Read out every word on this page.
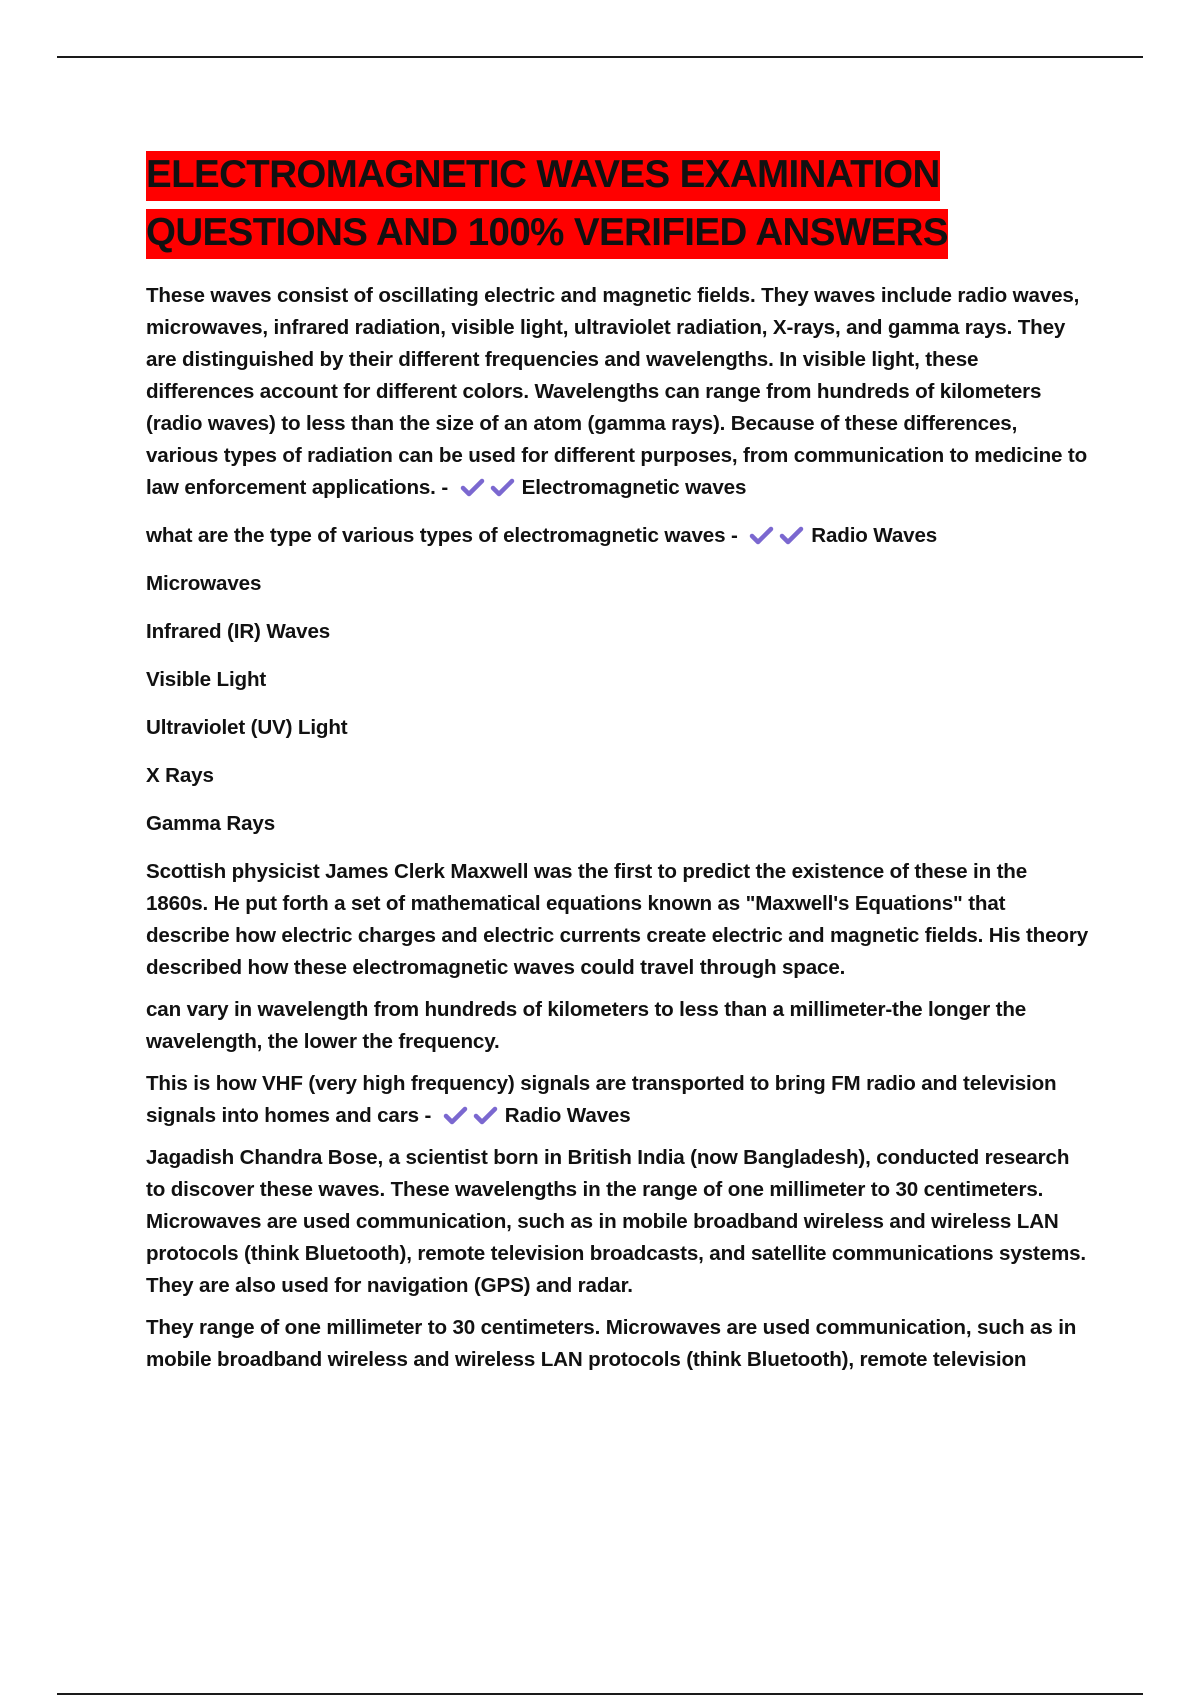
ELECTROMAGNETIC WAVES EXAMINATION
QUESTIONS AND 100% VERIFIED ANSWERS

These waves consist of oscillating electric and magnetic fields. They waves include radio waves, microwaves, infrared radiation, visible light, ultraviolet radiation, X-rays, and gamma rays. They are distinguished by their different frequencies and wavelengths. In visible light, these differences account for different colors. Wavelengths can range from hundreds of kilometers (radio waves) to less than the size of an atom (gamma rays). Because of these differences, various types of radiation can be used for different purposes, from communication to medicine to law enforcement applications. -	Electromagnetic waves

what are the type of various types of electromagnetic waves -	Radio Waves

Microwaves

Infrared (IR) Waves

Visible Light

Ultraviolet (UV) Light

X Rays

Gamma Rays

Scottish physicist James Clerk Maxwell was the first to predict the existence of these in the 1860s. He put forth a set of mathematical equations known as "Maxwell's Equations" that describe how electric charges and electric currents create electric and magnetic fields. His theory described how these electromagnetic waves could travel through space.

can vary in wavelength from hundreds of kilometers to less than a millimeter-the longer the wavelength, the lower the frequency.

This is how VHF (very high frequency) signals are transported to bring FM radio and television signals into homes and cars -	Radio Waves

Jagadish Chandra Bose, a scientist born in British India (now Bangladesh), conducted research to discover these waves. These wavelengths in the range of one millimeter to 30 centimeters. Microwaves are used communication, such as in mobile broadband wireless and wireless LAN protocols (think Bluetooth), remote television broadcasts, and satellite communications systems. They are also used for navigation (GPS) and radar.

They range of one millimeter to 30 centimeters. Microwaves are used communication, such as in mobile broadband wireless and wireless LAN protocols (think Bluetooth), remote television
